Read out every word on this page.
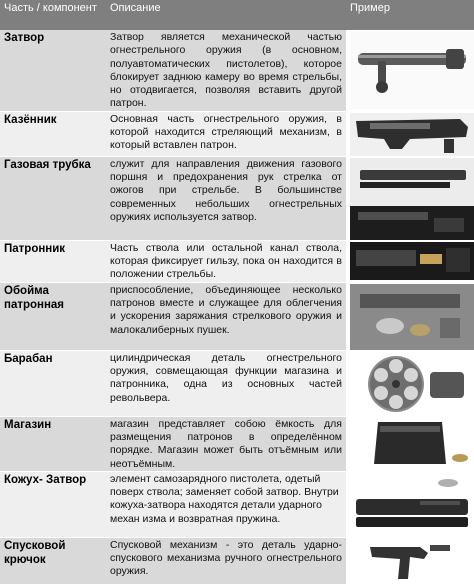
Часть / компонент	Описание	Пример
Затвор	Затвор является механической частью огнестрельного оружия (в основном, полуавтоматических пистолетов), которое блокирует заднюю камеру во время стрельбы, но отодвигается, позволяя вставить другой патрон.	

Казённик	Основная часть огнестрельного оружия, в которой находится стреляющий механизм, в который вставлен патрон.	

Газовая трубка	служит для направления движения газового поршня и предохранения рук стрелка от ожогов при стрельбе. В большинстве современных небольших огнестрельных оружиях используется затвор.	

Патронник	Часть ствола или остальной канал ствола, которая фиксирует гильзу, пока он находится в положении стрельбы.	

Обойма патронная	приспособление, объединяющее несколько патронов вместе и служащее для облегчения и ускорения заряжания стрелкового оружия и малокалиберных пушек.	

Барабан	цилиндрическая деталь огнестрельного оружия, совмещающая функции магазина и патронника, одна из основных частей револьвера.	

Магазин	магазин представляет собою ёмкость для размещения патронов в определённом порядке. Магазин может быть отъёмным или неотъёмным.	

Кожух- Затвор	элемент самозарядного пистолета, одетый поверх ствола; заменяет собой затвор. Внутри кожуха-затвора находятся детали ударного механ изма и возвратная пружина.	

Спусковой крючок	Спусковой механизм - это деталь ударно-спускового механизма ручного огнестрельного оружия.	
